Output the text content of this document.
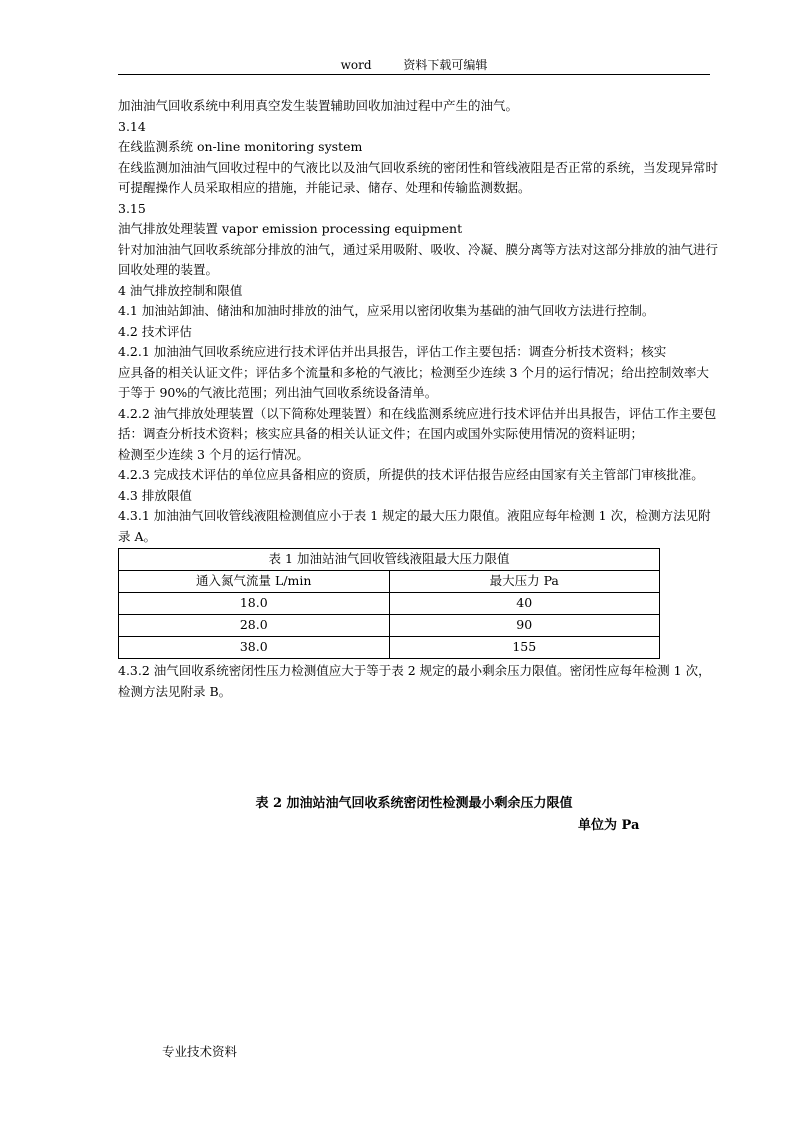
word	资料下载可编辑

加油油气回收系统中利用真空发生装置辅助回收加油过程中产生的油气。

3.14

在线监测系统 on-line monitoring system

在线监测加油油气回收过程中的气液比以及油气回收系统的密闭性和管线液阻是否正常的系统，当发现异常时可提醒操作人员采取相应的措施，并能记录、储存、处理和传输监测数据。

3.15

油气排放处理装置 vapor emission processing equipment

针对加油油气回收系统部分排放的油气，通过采用吸附、吸收、冷凝、膜分离等方法对这部分排放的油气进行回收处理的装置。

4 油气排放控制和限值

4.1 加油站卸油、储油和加油时排放的油气，应采用以密闭收集为基础的油气回收方法进行控制。

4.2 技术评估

4.2.1 加油油气回收系统应进行技术评估并出具报告，评估工作主要包括：调查分析技术资料；核实

应具备的相关认证文件；评估多个流量和多枪的气液比；检测至少连续 3 个月的运行情况；给出控制效率大于等于 90%的气液比范围；列出油气回收系统设备清单。

4.2.2 油气排放处理装置（以下简称处理装置）和在线监测系统应进行技术评估并出具报告，评估工作主要包括：调查分析技术资料；核实应具备的相关认证文件；在国内或国外实际使用情况的资料证明；

检测至少连续 3 个月的运行情况。

4.2.3 完成技术评估的单位应具备相应的资质，所提供的技术评估报告应经由国家有关主管部门审核批准。

4.3 排放限值

4.3.1 加油油气回收管线液阻检测值应小于表 1 规定的最大压力限值。液阻应每年检测 1 次，检测方法见附录 A。

表 1 加油站油气回收管线液阻最大压力限值	
通入氮气流量 L/min	最大压力 Pa
18.0	40
28.0	90
38.0	155

4.3.2 油气回收系统密闭性压力检测值应大于等于表 2 规定的最小剩余压力限值。密闭性应每年检测 1 次，检测方法见附录 B。

表 2 加油站油气回收系统密闭性检测最小剩余压力限值
单位为 Pa
专业技术资料
